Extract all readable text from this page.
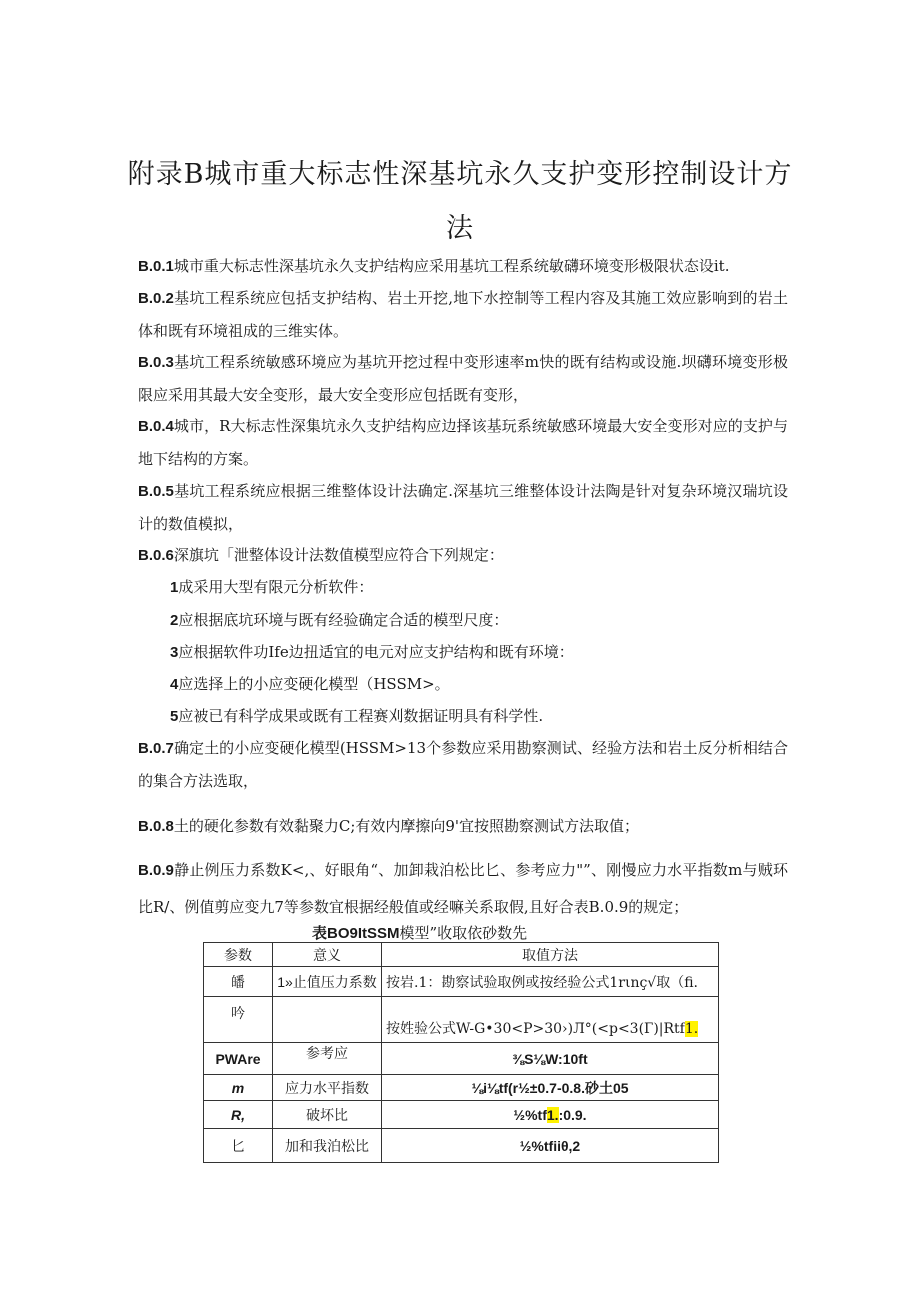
附录B城市重大标志性深基坑永久支护变形控制设计方
法
B.0.1城市重大标志性深基坑永久支护结构应采用基坑工程系统敏礴环境变形极限状态设it.
B.0.2基坑工程系统应包括支护结构、岩土开挖,地下水控制等工程内容及其施工效应影响到的岩土体和既有环境祖成的三维实体。
B.0.3基坑工程系统敏感环境应为基坑开挖过程中变形速率m快的既有结构或设施.坝礴环境变形极限应采用其最大安全变形，最大安全变形应包括既有变形，
B.0.4城市，R大标志性深集坑永久支护结构应边择该基玩系统敏感环境最大安全变形对应的支护与地下结构的方案。
B.0.5基坑工程系统应根据三维整体设计法确定.深基坑三维整体设计法陶是针对复杂环境汉瑞坑设计的数值模拟，
B.0.6深旗坑「泄整体设计法数值模型应符合下列规定：
1成采用大型有限元分析软件：
2应根据底坑环境与既有经验确定合适的模型尺度：
3应根据软件功Ife边扭适宜的电元对应支护结构和既有环境：
4应选择上的小应变硬化模型（HSSM>。
5应被已有科学成果或既有工程赛刈数据证明具有科学性.
B.0.7确定土的小应变硬化模型(HSSM>13个参数应采用勘察测试、经验方法和岩土反分析相结合的集合方法选取，
B.0.8土的硬化参数有效黏聚力C;有效内摩擦向9'宜按照勘察测试方法取值；
B.0.9静止例压力系数K<,、好眼角“、加卸栽泊松比匕、参考应力"”、刚慢应力水平指数m与贼环比R/、例值剪应变九7等参数宜根据经般值或经嘛关系取假,且好合表B.0.9的规定；
表BO9ItSSM模型”收取依砂数先
参数	意义	取值方法
皤	1»止值压力系数	按岩.1：勘察试验取例或按经验公式1rιnç√取（fi.
吟		按姓验公式W-G•30<P>30›)Л°(<p<3(Г)|Rtf1.
PWAre	参考应	⅜S⅛W:10ft
m	应力水平指数	⅛i⅛tf(r½±0.7-0.8.砂土05
R,	破坏比	½%tf1.:0.9.
匕	加和我泊松比	½%tfiiθ,2
